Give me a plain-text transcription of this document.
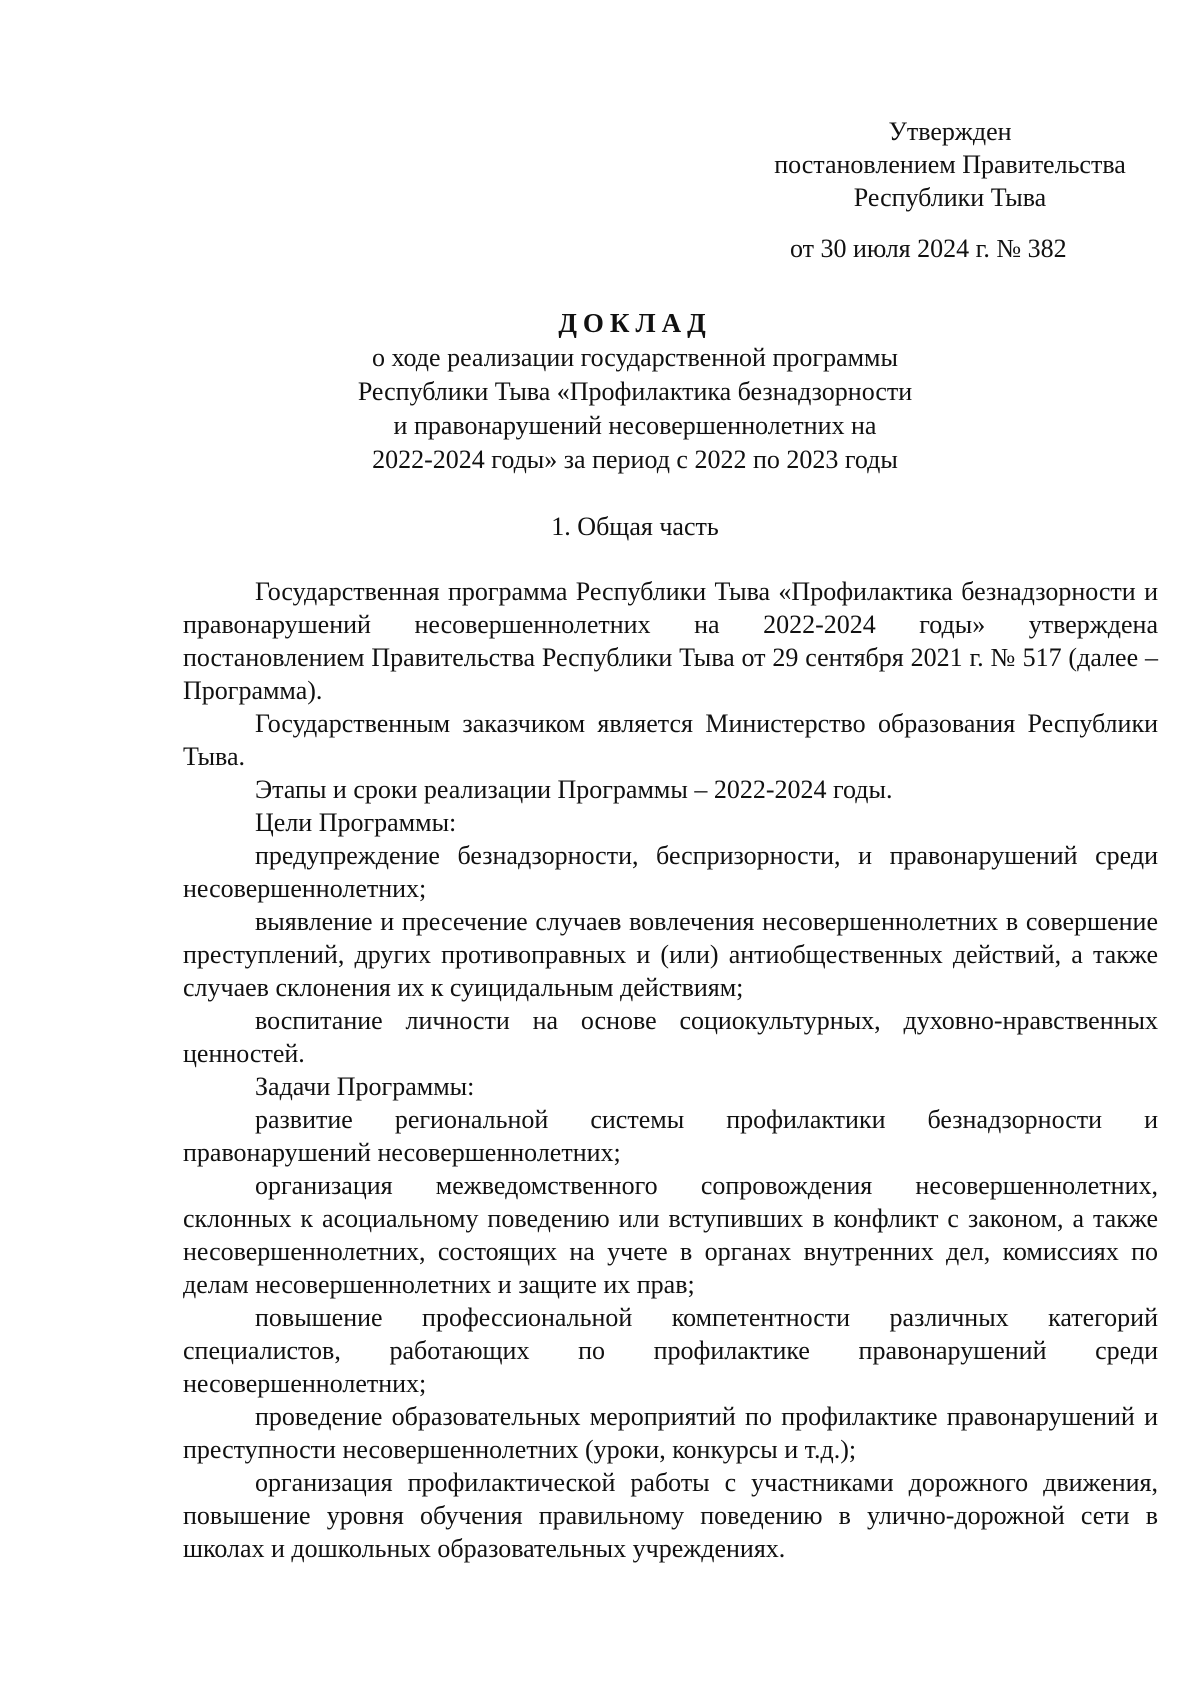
Утвержден
постановлением Правительства
Республики Тыва
от 30 июля 2024 г. № 382
ДОКЛАД
о ходе реализации государственной программы
Республики Тыва «Профилактика безнадзорности
и правонарушений несовершеннолетних на
2022-2024 годы» за период с 2022 по 2023 годы
1. Общая часть

Государственная программа Республики Тыва «Профилактика безнадзорности и правонарушений несовершеннолетних на 2022-2024 годы» утверждена постановлением Правительства Республики Тыва от 29 сентября 2021 г. № 517 (далее – Программа).

Государственным заказчиком является Министерство образования Республики Тыва.

Этапы и сроки реализации Программы – 2022-2024 годы.

Цели Программы:

предупреждение безнадзорности, беспризорности, и правонарушений среди несовершеннолетних;

выявление и пресечение случаев вовлечения несовершеннолетних в совершение преступлений, других противоправных и (или) антиобщественных действий, а также случаев склонения их к суицидальным действиям;

воспитание личности на основе социокультурных, духовно-нравственных ценностей.

Задачи Программы:

развитие региональной системы профилактики безнадзорности и правонарушений несовершеннолетних;

организация межведомственного сопровождения несовершеннолетних, склонных к асоциальному поведению или вступивших в конфликт с законом, а также несовершеннолетних, состоящих на учете в органах внутренних дел, комиссиях по делам несовершеннолетних и защите их прав;

повышение профессиональной компетентности различных категорий специалистов, работающих по профилактике правонарушений среди несовершеннолетних;

проведение образовательных мероприятий по профилактике правонарушений и преступности несовершеннолетних (уроки, конкурсы и т.д.);

организация профилактической работы с участниками дорожного движения, повышение уровня обучения правильному поведению в улично-дорожной сети в школах и дошкольных образовательных учреждениях.
